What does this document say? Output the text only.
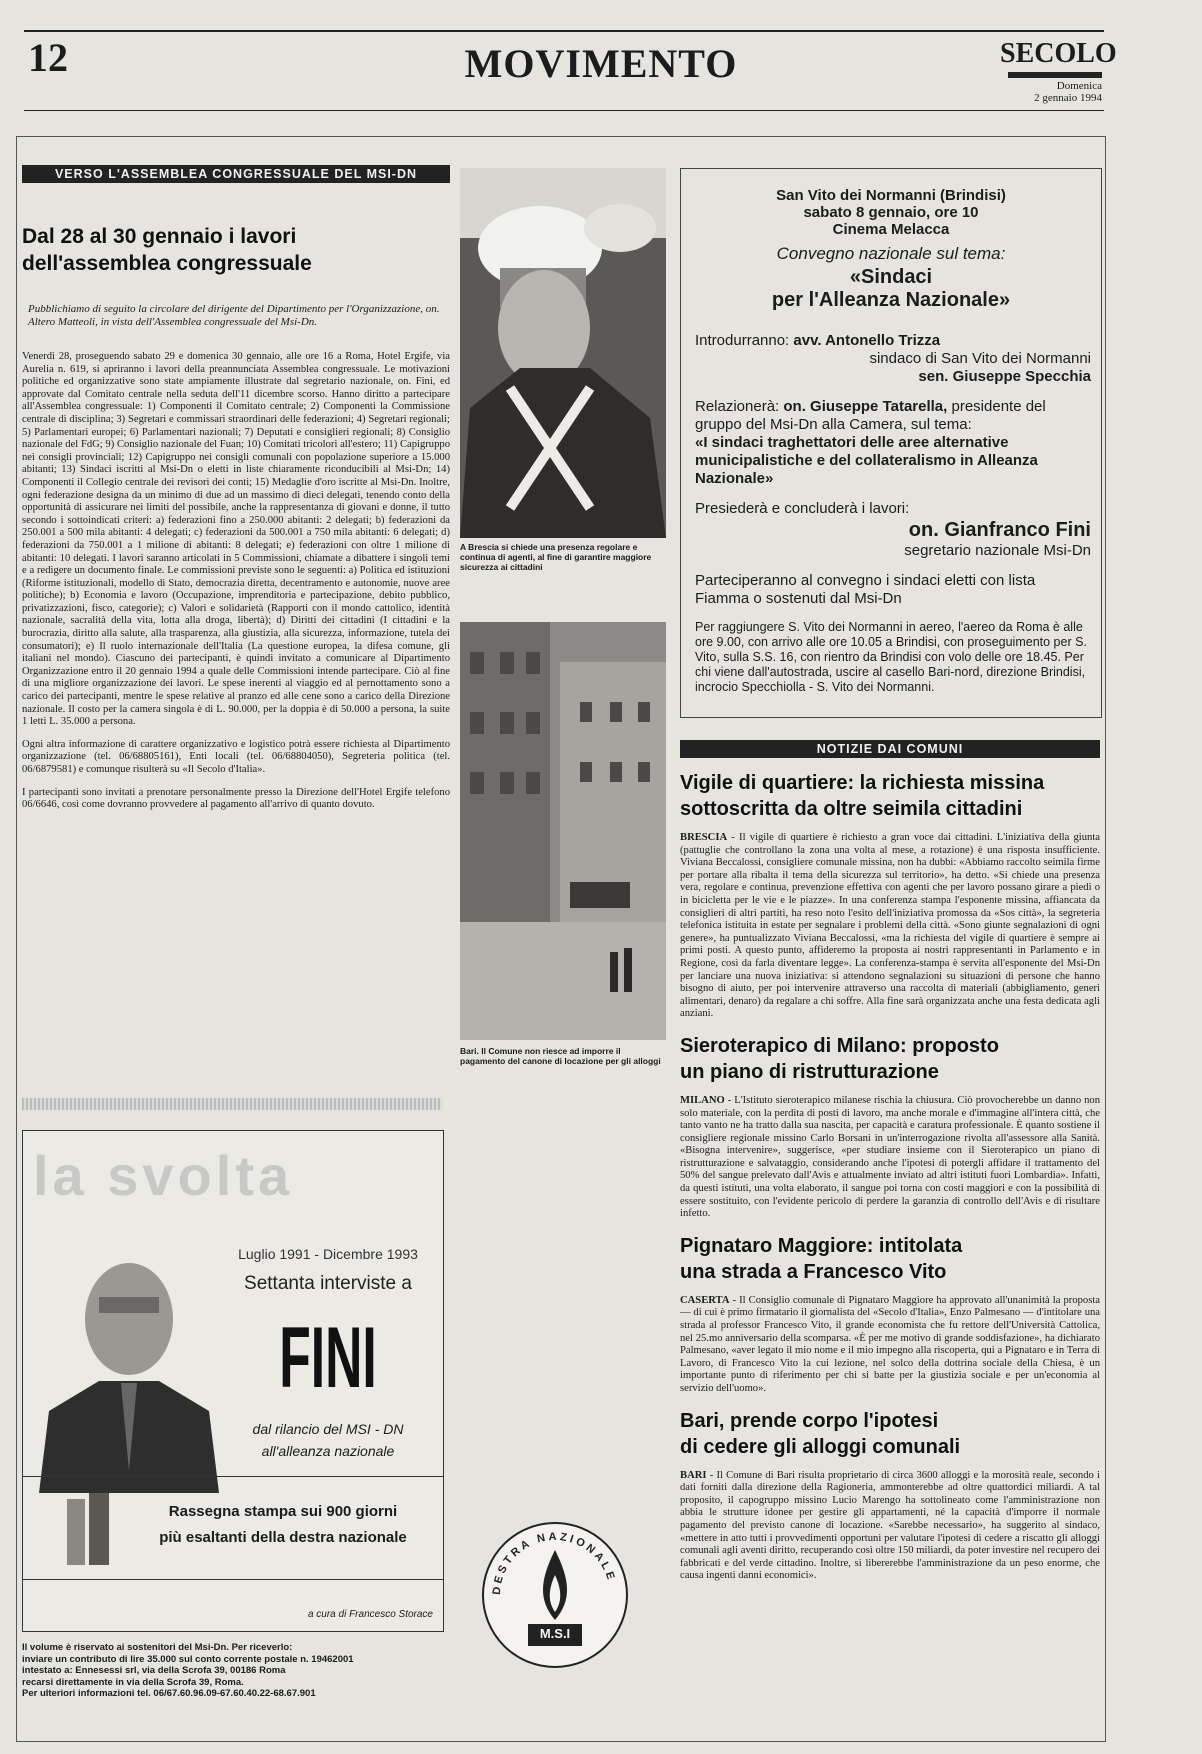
12	MOVIMENTO	SECOLO
Domenica
2 gennaio 1994
VERSO L'ASSEMBLEA CONGRESSUALE DEL MSI-DN
Dal 28 al 30 gennaio i lavori
dell'assemblea congressuale

Pubblichiamo di seguito la circolare del dirigente del Dipartimento per l'Organizzazione, on. Altero Matteoli, in vista dell'Assemblea congressuale del Msi-Dn.

Venerdì 28, proseguendo sabato 29 e domenica 30 gennaio, alle ore 16 a Roma, Hotel Ergife, via Aurelia n. 619, si apriranno i lavori della preannunciata Assemblea congressuale. Le motivazioni politiche ed organizzative sono state ampiamente illustrate dal segretario nazionale, on. Fini, ed approvate dal Comitato centrale nella seduta dell'11 dicembre scorso. Hanno diritto a partecipare all'Assemblea congressuale: 1) Componenti il Comitato centrale; 2) Componenti la Commissione centrale di disciplina; 3) Segretari e commissari straordinari delle federazioni; 4) Segretari regionali; 5) Parlamentari europei; 6) Parlamentari nazionali; 7) Deputati e consiglieri regionali; 8) Consiglio nazionale del FdG; 9) Consiglio nazionale del Fuan; 10) Comitati tricolori all'estero; 11) Capigruppo nei consigli provinciali; 12) Capigruppo nei consigli comunali con popolazione superiore a 15.000 abitanti; 13) Sindaci iscritti al Msi-Dn o eletti in liste chiaramente riconducibili al Msi-Dn; 14) Componenti il Collegio centrale dei revisori dei conti; 15) Medaglie d'oro iscritte al Msi-Dn. Inoltre, ogni federazione designa da un minimo di due ad un massimo di dieci delegati, tenendo conto della opportunità di assicurare nei limiti del possibile, anche la rappresentanza di giovani e donne, il tutto secondo i sottoindicati criteri: a) federazioni fino a 250.000 abitanti: 2 delegati; b) federazioni da 250.001 a 500 mila abitanti: 4 delegati; c) federazioni da 500.001 a 750 mila abitanti: 6 delegati; d) federazioni da 750.001 a 1 milione di abitanti: 8 delegati; e) federazioni con oltre 1 milione di abitanti: 10 delegati. I lavori saranno articolati in 5 Commissioni, chiamate a dibattere i singoli temi e a redigere un documento finale. Le commissioni previste sono le seguenti: a) Politica ed istituzioni (Riforme istituzionali, modello di Stato, democrazia diretta, decentramento e autonomie, nuove aree politiche); b) Economia e lavoro (Occupazione, imprenditoria e partecipazione, debito pubblico, privatizzazioni, fisco, categorie); c) Valori e solidarietà (Rapporti con il mondo cattolico, identità nazionale, sacralità della vita, lotta alla droga, libertà); d) Diritti dei cittadini (I cittadini e la burocrazia, diritto alla salute, alla trasparenza, alla giustizia, alla sicurezza, informazione, tutela dei consumatori); e) Il ruolo internazionale dell'Italia (La questione europea, la difesa comune, gli italiani nel mondo). Ciascuno dei partecipanti, è quindi invitato a comunicare al Dipartimento Organizzazione entro il 20 gennaio 1994 a quale delle Commissioni intende partecipare. Ciò al fine di una migliore organizzazione dei lavori. Le spese inerenti al viaggio ed al pernottamento sono a carico dei partecipanti, mentre le spese relative al pranzo ed alle cene sono a carico della Direzione nazionale. Il costo per la camera singola è di L. 90.000, per la doppia è di 50.000 a persona, la suite 1 letti L. 35.000 a persona.

Ogni altra informazione di carattere organizzativo e logistico potrà essere richiesta al Dipartimento organizzazione (tel. 06/68805161), Enti locali (tel. 06/68804050), Segreteria politica (tel. 06/6879581) e comunque risulterà su «Il Secolo d'Italia».

I partecipanti sono invitati a prenotare personalmente presso la Direzione dell'Hotel Ergife telefono 06/6646, così come dovranno provvedere al pagamento all'arrivo di quanto dovuto.

la svolta
Luglio 1991 - Dicembre 1993
Settanta interviste a
FINI
dal rilancio del MSI - DN
all'alleanza nazionale
Rassegna stampa sui 900 giorni
più esaltanti della destra nazionale
a cura di Francesco Storace
Il volume è riservato ai sostenitori del Msi-Dn. Per riceverlo:
inviare un contributo di lire 35.000 sul conto corrente postale n. 19462001
intestato a: Ennesessi srl, via della Scrofa 39, 00186 Roma
recarsi direttamente in via della Scrofa 39, Roma.
Per ulteriori informazioni tel. 06/67.60.96.09-67.60.40.22-68.67.901
A Brescia si chiede una presenza regolare e continua di agenti, al fine di garantire maggiore sicurezza ai cittadini
Bari. Il Comune non riesce ad imporre il pagamento del canone di locazione per gli alloggi
DESTRA NAZIONALE
M.S.I
San Vito dei Normanni (Brindisi)
sabato 8 gennaio, ore 10
Cinema Melacca
Convegno nazionale sul tema:
«Sindaci
per l'Alleanza Nazionale»
Introdurranno: avv. Antonello Trizza
sindaco di San Vito dei Normanni
sen. Giuseppe Specchia
Relazionerà: on. Giuseppe Tatarella, presidente del gruppo del Msi-Dn alla Camera, sul tema:
«I sindaci traghettatori delle aree alternative municipalistiche e del collateralismo in Alleanza Nazionale»
Presiederà e concluderà i lavori:
on. Gianfranco Fini
segretario nazionale Msi-Dn
Parteciperanno al convegno i sindaci eletti con lista Fiamma o sostenuti dal Msi-Dn
Per raggiungere S. Vito dei Normanni in aereo, l'aereo da Roma è alle ore 9.00, con arrivo alle ore 10.05 a Brindisi, con proseguimento per S. Vito, sulla S.S. 16, con rientro da Brindisi con volo delle ore 18.45. Per chi viene dall'autostrada, uscire al casello Bari-nord, direzione Brindisi, incrocio Specchiolla - S. Vito dei Normanni.
NOTIZIE DAI COMUNI
Vigile di quartiere: la richiesta missina
sottoscritta da oltre seimila cittadini

BRESCIA - Il vigile di quartiere è richiesto a gran voce dai cittadini. L'iniziativa della giunta (pattuglie che controllano la zona una volta al mese, a rotazione) è una risposta insufficiente. Viviana Beccalossi, consigliere comunale missina, non ha dubbi: «Abbiamo raccolto seimila firme per portare alla ribalta il tema della sicurezza sul territorio», ha detto. «Si chiede una presenza vera, regolare e continua, prevenzione effettiva con agenti che per lavoro possano girare a piedi o in bicicletta per le vie e le piazze». In una conferenza stampa l'esponente missina, affiancata da consiglieri di altri partiti, ha reso noto l'esito dell'iniziativa promossa da «Sos città», la segreteria telefonica istituita in estate per segnalare i problemi della città. «Sono giunte segnalazioni di ogni genere», ha puntualizzato Viviana Beccalossi, «ma la richiesta del vigile di quartiere è sempre ai primi posti. A questo punto, affideremo la proposta ai nostri rappresentanti in Parlamento e in Regione, così da farla diventare legge». La conferenza-stampa è servita all'esponente del Msi-Dn per lanciare una nuova iniziativa: si attendono segnalazioni su situazioni di persone che hanno bisogno di aiuto, per poi intervenire attraverso una raccolta di materiali (abbigliamento, generi alimentari, denaro) da regalare a chi soffre. Alla fine sarà organizzata anche una festa dedicata agli anziani.

Sieroterapico di Milano: proposto
un piano di ristrutturazione

MILANO - L'Istituto sieroterapico milanese rischia la chiusura. Ciò provocherebbe un danno non solo materiale, con la perdita di posti di lavoro, ma anche morale e d'immagine all'intera città, che tanto vanto ne ha tratto dalla sua nascita, per capacità e caratura professionale. È quanto sostiene il consigliere regionale missino Carlo Borsani in un'interrogazione rivolta all'assessore alla Sanità. «Bisogna intervenire», suggerisce, «per studiare insieme con il Sieroterapico un piano di ristrutturazione e salvataggio, considerando anche l'ipotesi di potergli affidare il trattamento del 50% del sangue prelevato dall'Avis e attualmente inviato ad altri istituti fuori Lombardia». Infatti, da questi istituti, una volta elaborato, il sangue poi torna con costi maggiori e con la possibilità di essere sostituito, con l'evidente pericolo di perdere la garanzia di controllo dell'Avis e di risultare infetto.

Pignataro Maggiore: intitolata
una strada a Francesco Vito

CASERTA - Il Consiglio comunale di Pignataro Maggiore ha approvato all'unanimità la proposta — di cui è primo firmatario il giornalista del «Secolo d'Italia», Enzo Palmesano — d'intitolare una strada al professor Francesco Vito, il grande economista che fu rettore dell'Università Cattolica, nel 25.mo anniversario della scomparsa. «È per me motivo di grande soddisfazione», ha dichiarato Palmesano, «aver legato il mio nome e il mio impegno alla riscoperta, qui a Pignataro e in Terra di Lavoro, di Francesco Vito la cui lezione, nel solco della dottrina sociale della Chiesa, è un importante punto di riferimento per chi si batte per la giustizia sociale e per un'economia al servizio dell'uomo».

Bari, prende corpo l'ipotesi
di cedere gli alloggi comunali

BARI - Il Comune di Bari risulta proprietario di circa 3600 alloggi e la morosità reale, secondo i dati forniti dalla direzione della Ragioneria, ammonterebbe ad oltre quattordici miliardi. A tal proposito, il capogruppo missino Lucio Marengo ha sottolineato come l'amministrazione non abbia le strutture idonee per gestire gli appartamenti, né la capacità d'imporre il normale pagamento del previsto canone di locazione. «Sarebbe necessario», ha suggerito al sindaco, «mettere in atto tutti i provvedimenti opportuni per valutare l'ipotesi di cedere a riscatto gli alloggi comunali agli aventi diritto, recuperando così oltre 150 miliardi, da poter investire nel recupero dei fabbricati e del verde cittadino. Inoltre, si libererebbe l'amministrazione da un peso enorme, che causa ingenti danni economici».
